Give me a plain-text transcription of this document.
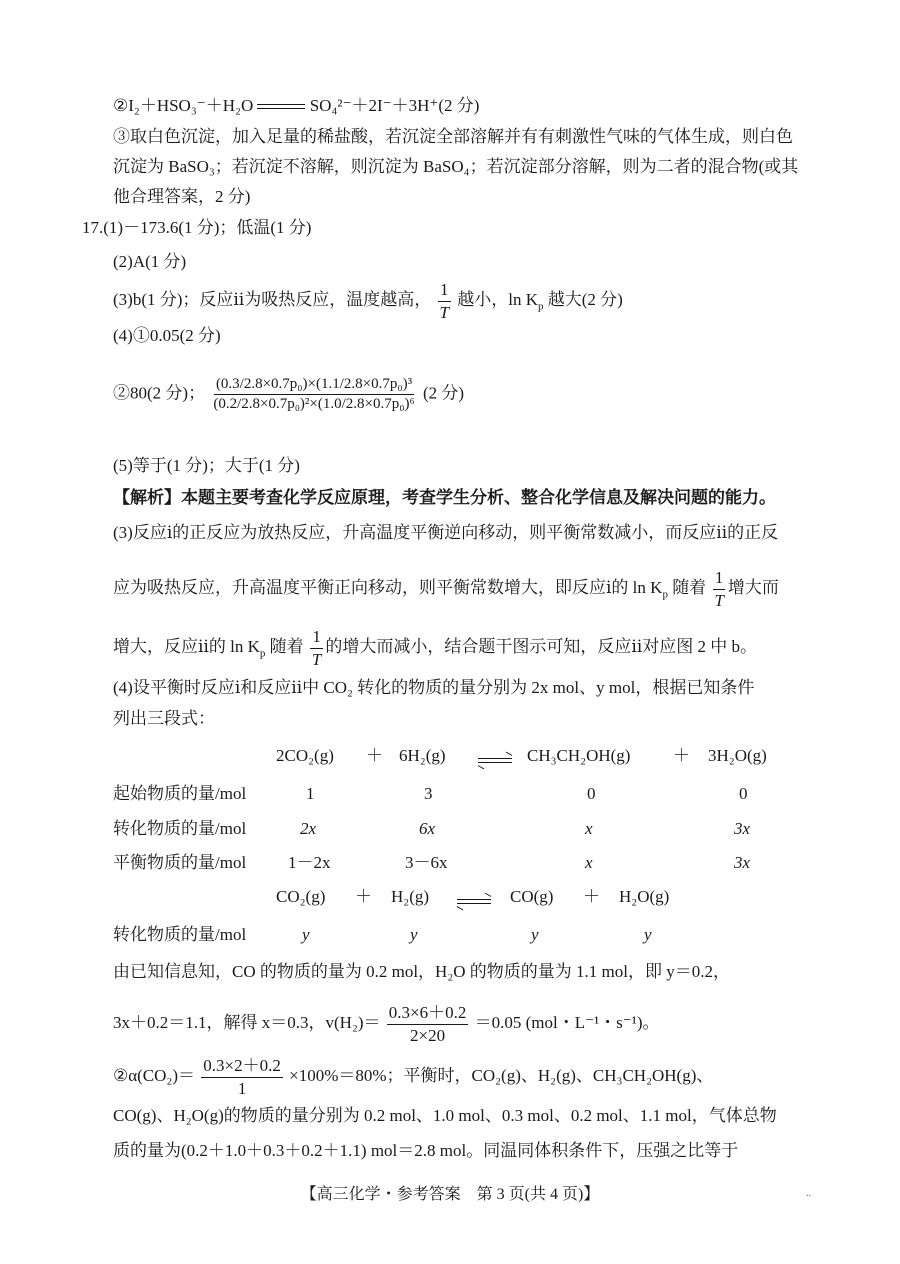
②I₂＋HSO₃⁻＋H₂O	SO₄²⁻＋2I⁻＋3H⁺(2 分)
③取白色沉淀，加入足量的稀盐酸，若沉淀全部溶解并有有刺激性气味的气体生成，则白色
沉淀为 BaSO₃；若沉淀不溶解，则沉淀为 BaSO₄；若沉淀部分溶解，则为二者的混合物(或其
他合理答案，2 分)
17.(1)－173.6(1 分)；低温(1 分)
(2)A(1 分)
(3)b(1 分)；反应ⅱ为吸热反应，温度越高， $\frac{1}{T}$ 越小，$\ln K_p$ 越大(2 分)
(4)①0.05(2 分)
②80(2 分)； $\frac{\text{(0.3/2.8×0.7p₀)×(1.1/2.8×0.7p₀)³}}{\text{(0.2/2.8×0.7p₀)²×(1.0/2.8×0.7p₀)⁶}} (2$ 分)
(5)等于(1 分)；大于(1 分)
【解析】本题主要考查化学反应原理，考查学生分析、整合化学信息及解决问题的能力。
(3)反应ⅰ的正反应为放热反应，升高温度平衡逆向移动，则平衡常数减小，而反应ⅱ的正反
应为吸热反应，升高温度平衡正向移动，则平衡常数增大，即反应ⅰ的 $\ln K_p$ 随着 $\frac{1}{T}$ 增大而
增大，反应ⅱ的 $\ln K_p$ 随着 $\frac{1}{T}$ 的增大而减小，结合题干图示可知，反应ⅱ对应图 2 中 b。
(4)设平衡时反应ⅰ和反应ⅱ中 CO₂ 转化的物质的量分别为 2x mol、y mol，根据已知条件
列出三段式：
2CO₂(g) ＋ 6H₂(g) ⇌ CH₃CH₂OH(g)	＋ 3H₂O(g)
起始物质的量/mol	1	3	0	0
转化物质的量/mol	2x	6x	x	3x
平衡物质的量/mol 1－2x	3－6x	x	3x
CO₂(g) ＋ H₂(g) ⇌ CO(g) ＋ H₂O(g)
转化物质的量/mol	y	y	y	y
由已知信息知，CO 的物质的量为 0.2 mol，H₂O 的物质的量为 1.1 mol，即 y＝0.2，
3x＋0.2＝1.1，解得 x＝0.3，$v(H_2)= \frac{0.3\times 6+0.2}{2\times 20} =0.05$ (mol・L⁻¹・s⁻¹)。
②α(CO₂)＝ $\frac{0.3\times 2+0.2}{1} \times 100\%=80\%$；平衡时，CO₂(g)、H₂(g)、CH₃CH₂OH(g)、
CO(g)、H₂O(g)的物质的量分别为 0.2 mol、1.0 mol、0.3 mol、0.2 mol、1.1 mol，气体总物
质的量为(0.2＋1.0＋0.3＋0.2＋1.1) mol＝2.8 mol。同温同体积条件下，压强之比等于
【高三化学・参考答案　第 3 页(共 4 页)】	..
